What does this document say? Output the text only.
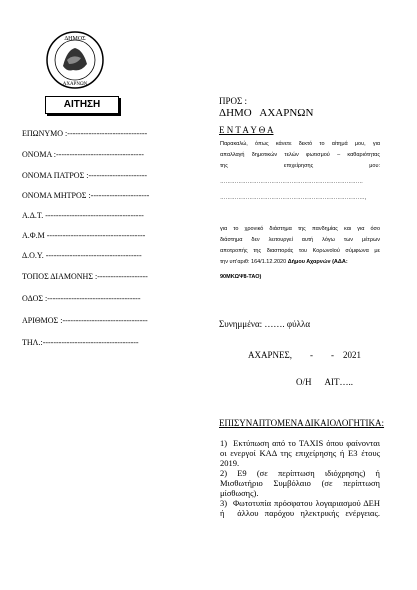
ΔΗΜΟΣ
ΑΧΑΡΝΩΝ
ΑΙΤΗΣΗ
ΕΠΩΝΥΜΟ :------------------------------
ΟΝΟΜΑ :---------------------------------
ΟΝΟΜΑ ΠΑΤΡΟΣ :----------------------
ΟΝΟΜΑ ΜΗΤΡΟΣ :----------------------
Α.Δ.Τ. -------------------------------------
Α.Φ.Μ -------------------------------------
Δ.Ο.Υ. ------------------------------------
ΤΟΠΟΣ ΔΙΑΜΟΝΗΣ :-------------------
ΟΔΟΣ :-----------------------------------
ΑΡΙΘΜΟΣ :--------------------------------
ΤΗΛ.:------------------------------------
ΠΡΟΣ :
ΔΗΜΟ   ΑΧΑΡΝΩΝ
Ε Ν Τ Α Υ Θ Α
Παρακαλώ, όπως κάνετε δεκτό το αίτημά μου, για
απαλλαγή δημοτικών τελών φωτισμού – καθαριότητας
της                    επιχείρησης                    μου:
……………………………………………………………………
…………………………………………………………………….,
για το χρονικό διάστημα της πανδημίας και για όσο
διάστημα δεν λειτουργεί αυτή λόγω των μέτρων
αποτροπής της διασποράς του Κορωνοϊού σύμφωνα με
την υπ'αριθ: 164/1.12.2020 Δήμου Αχαρνών (ΑΔΑ:
90ΜΚΩΨ8-ΤΑΟ)
Συνημμένα: ……. φύλλα
ΑΧΑΡΝΕΣ,        -        -    2021
Ο/Η      ΑΙΤ…..
ΕΠΙΣΥΝΑΠΤΟΜΕΝΑ ΔΙΚΑΙΟΛΟΓΗΤΙΚΑ:

1)  Εκτύπωση από το TAXIS όπου φαίνονται

οι ενεργοί ΚΑΔ της επιχείρησης ή Ε3 έτους

2019.

2)  Ε9  (σε  περίπτωση  ιδιόχρησης)  ή

Μισθωτήριο  Συμβόλαιο  (σε  περίπτωση

μίσθωσης).

3)  Φωτοτυπία πρόσφατου λογαριασμού ΔΕΗ

ή  άλλου παρόχου ηλεκτρικής ενέργειας.
